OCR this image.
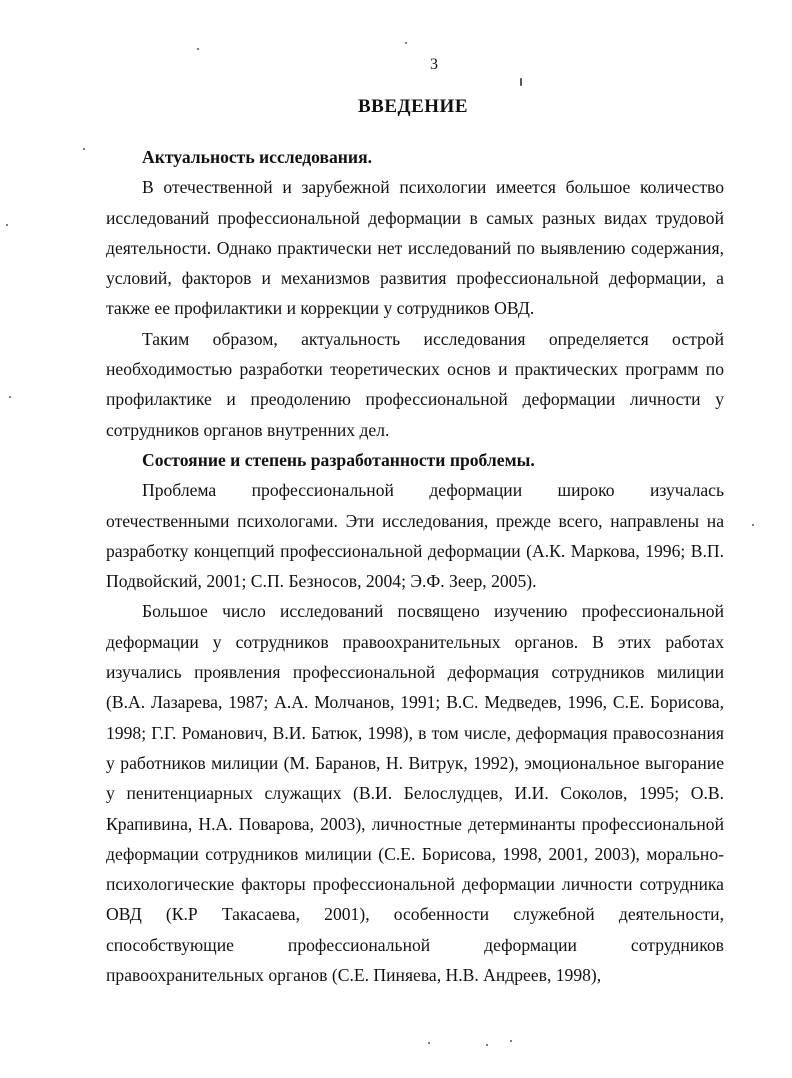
3
ВВЕДЕНИЕ

Актуальность исследования.

В отечественной и зарубежной психологии имеется большое количество исследований профессиональной деформации в самых разных видах трудовой деятельности. Однако практически нет исследований по выявлению содержания, условий, факторов и механизмов развития профессиональной деформации, а также ее профилактики и коррекции у сотрудников ОВД.

Таким образом, актуальность исследования определяется острой необходимостью разработки теоретических основ и практических программ по профилактике и преодолению профессиональной деформации личности у сотрудников органов внутренних дел.

Состояние и степень разработанности проблемы.

Проблема профессиональной деформации широко изучалась отечественными психологами. Эти исследования, прежде всего, направлены на разработку концепций профессиональной деформации (А.К. Маркова, 1996; В.П. Подвойский, 2001; С.П. Безносов, 2004; Э.Ф. Зеер, 2005).

Большое число исследований посвящено изучению профессиональной деформации у сотрудников правоохранительных органов. В этих работах изучались проявления профессиональной деформация сотрудников милиции (В.А. Лазарева, 1987; А.А. Молчанов, 1991; В.С. Медведев, 1996, С.Е. Борисова, 1998; Г.Г. Романович, В.И. Батюк, 1998), в том числе, деформация правосознания у работников милиции (М. Баранов, Н. Витрук, 1992), эмоциональное выгорание у пенитенциарных служащих (В.И. Белослудцев, И.И. Соколов, 1995; О.В. Крапивина, Н.А. Поварова, 2003), личностные детерминанты профессиональной деформации сотрудников милиции (С.Е. Борисова, 1998, 2001, 2003), морально-психологические факторы профессиональной деформации личности сотрудника ОВД (К.Р Такасаева, 2001), особенности служебной деятельности, способствующие профессиональной деформации сотрудников правоохранительных органов (С.Е. Пиняева, Н.В. Андреев, 1998),
